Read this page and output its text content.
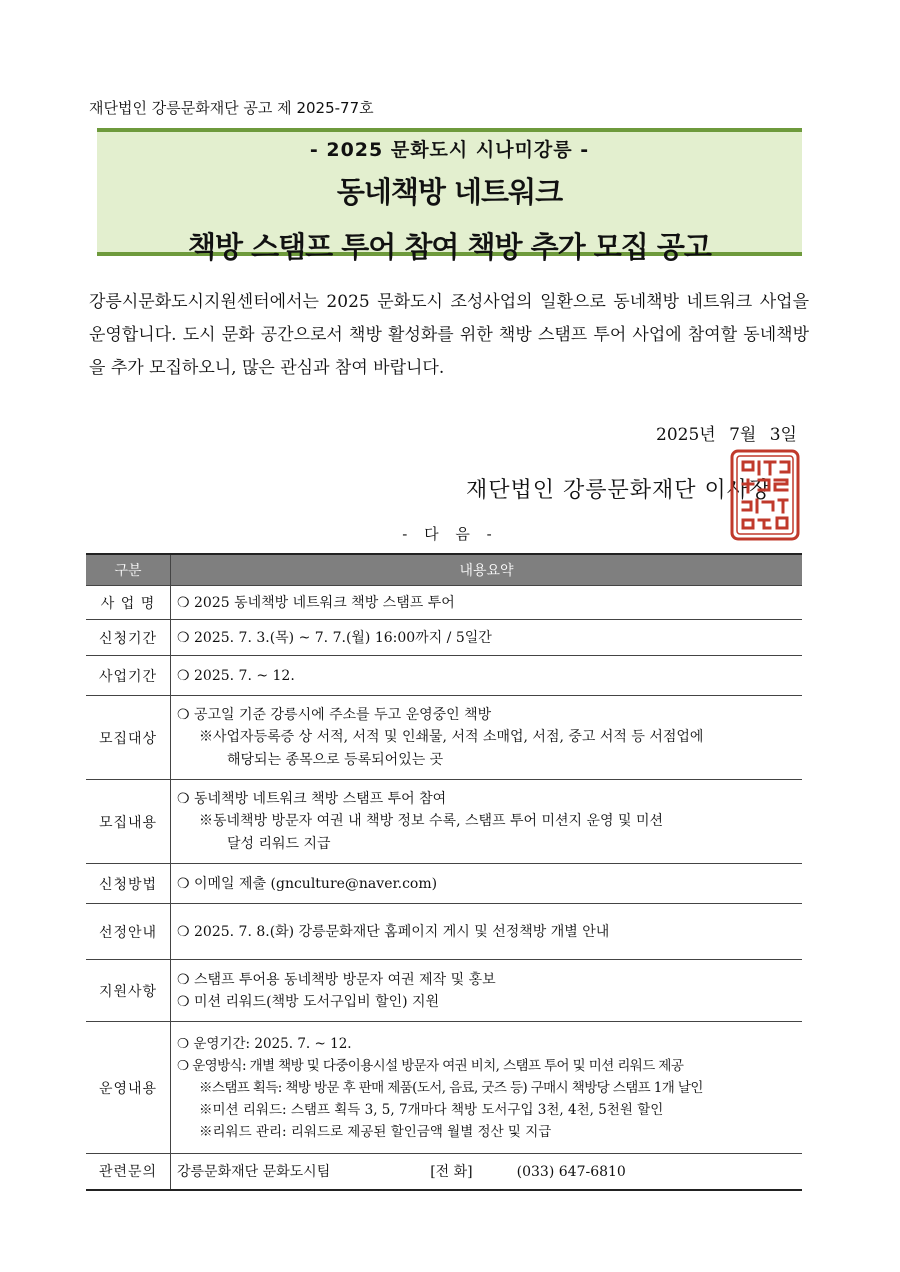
재단법인 강릉문화재단 공고 제 2025-77호
- 2025 문화도시 시나미강릉 -
동네책방 네트워크
책방 스탬프 투어 참여 책방 추가 모집 공고
강릉시문화도시지원센터에서는 2025 문화도시 조성사업의 일환으로 동네책방 네트워크 사업을 운영합니다. 도시 문화 공간으로서 책방 활성화를 위한 책방 스탬프 투어 사업에 참여할 동네책방을 추가 모집하오니, 많은 관심과 참여 바랍니다.
2025년 7월 3일
재단법인 강릉문화재단 이사장
- 다 음 -
구분	내용요약
사 업 명	❍ 2025 동네책방 네트워크 책방 스탬프 투어

신청기간	❍ 2025. 7. 3.(목) ~ 7. 7.(월) 16:00까지 / 5일간

사업기간	❍ 2025. 7. ~ 12.

모집대상	❍ 공고일 기준 강릉시에 주소를 두고 운영중인 책방
※사업자등록증 상 서적, 서적 및 인쇄물, 서적 소매업, 서점, 중고 서적 등 서점업에
해당되는 종목으로 등록되어있는 곳

모집내용	❍ 동네책방 네트워크 책방 스탬프 투어 참여
※동네책방 방문자 여권 내 책방 정보 수록, 스탬프 투어 미션지 운영 및 미션
달성 리워드 지급

신청방법	❍ 이메일 제출 (gnculture@naver.com)

선정안내	❍ 2025. 7. 8.(화) 강릉문화재단 홈페이지 게시 및 선정책방 개별 안내

지원사항	❍ 스탬프 투어용 동네책방 방문자 여권 제작 및 홍보
❍ 미션 리워드(책방 도서구입비 할인) 지원

운영내용	❍ 운영기간: 2025. 7. ~ 12.
❍ 운영방식: 개별 책방 및 다중이용시설 방문자 여권 비치, 스탬프 투어 및 미션 리워드 제공
※스탬프 획득: 책방 방문 후 판매 제품(도서, 음료, 굿즈 등) 구매시 책방당 스탬프 1개 날인
※미션 리워드: 스탬프 획득 3, 5, 7개마다 책방 도서구입 3천, 4천, 5천원 할인
※리워드 관리: 리워드로 제공된 할인금액 월별 정산 및 지급

관련문의	강릉문화재단 문화도시팀 [전 화] (033) 647-6810
